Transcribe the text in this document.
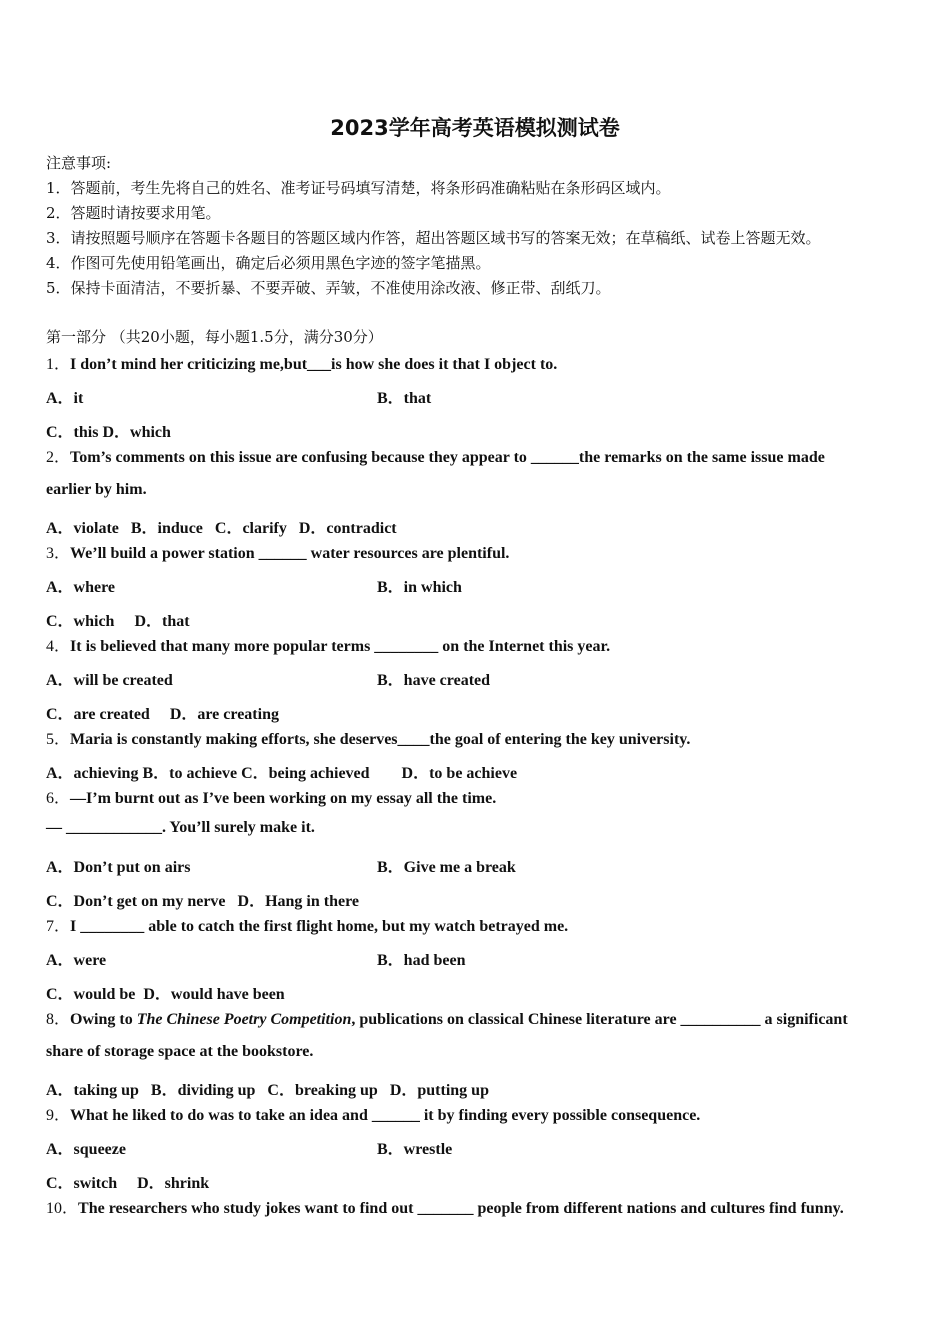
2023学年高考英语模拟测试卷
注意事项:
1．答题前，考生先将自己的姓名、准考证号码填写清楚，将条形码准确粘贴在条形码区域内。
2．答题时请按要求用笔。
3．请按照题号顺序在答题卡各题目的答题区域内作答，超出答题区域书写的答案无效；在草稿纸、试卷上答题无效。
4．作图可先使用铅笔画出，确定后必须用黑色字迹的签字笔描黑。
5．保持卡面清洁，不要折暴、不要弄破、弄皱，不准使用涂改液、修正带、刮纸刀。
第一部分 （共20小题，每小题1.5分，满分30分）
1．I don’t mind her criticizing me,but___is how she does it that I object to.
A．it	B．that
C．this D．which
2．Tom’s comments on this issue are confusing because they appear to ______the remarks on the same issue made
earlier by him.
A．violate   B．induce   C．clarify   D．contradict
3．We’ll build a power station ______ water resources are plentiful.
A．where	B．in which
C．which     D．that
4．It is believed that many more popular terms ________ on the Internet this year.
A．will be created	B．have created
C．are created     D．are creating
5．Maria is constantly making efforts, she deserves____the goal of entering the key university.
A．achieving B．to achieve C．being achieved        D．to be achieve
6．—I’m burnt out as I’ve been working on my essay all the time.
— ____________. You’ll surely make it.
A．Don’t put on airs	B．Give me a break
C．Don’t get on my nerve   D．Hang in there
7．I ________ able to catch the first flight home, but my watch betrayed me.
A．were	B．had been
C．would be  D．would have been
8．Owing to The Chinese Poetry Competition, publications on classical Chinese literature are __________ a significant
share of storage space at the bookstore.
A．taking up   B．dividing up   C．breaking up   D．putting up
9．What he liked to do was to take an idea and ______ it by finding every possible consequence.
A．squeeze	B．wrestle
C．switch     D．shrink
10．The researchers who study jokes want to find out _______ people from different nations and cultures find funny.
